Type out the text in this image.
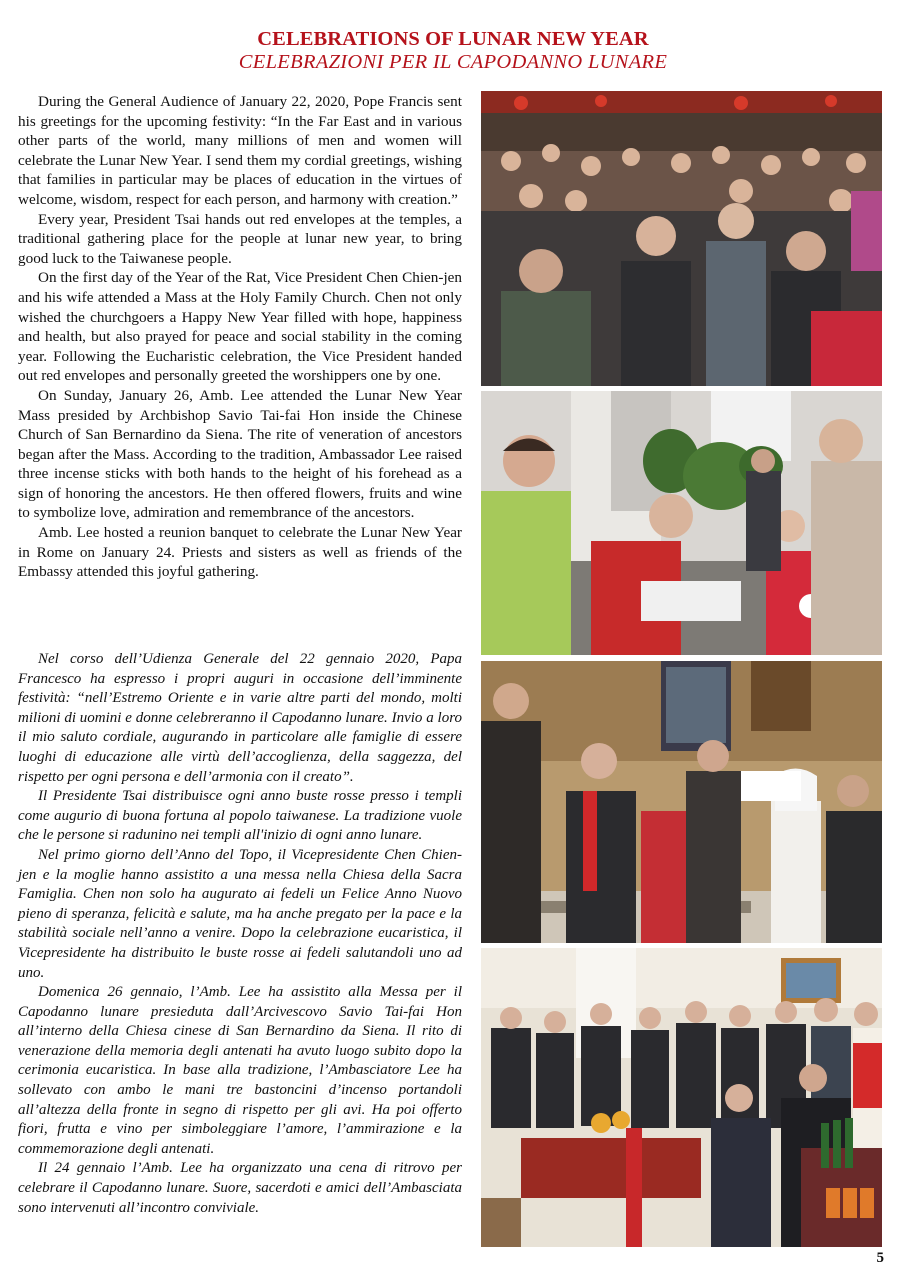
CELEBRATIONS OF LUNAR NEW YEAR
CELEBRAZIONI PER IL CAPODANNO LUNARE

During the General Audience of January 22, 2020, Pope Francis sent his greetings for the upcoming festivity: “In the Far East and in various other parts of the world, many millions of men and women will celebrate the Lunar New Year. I send them my cordial greetings, wishing that families in particular may be places of education in the virtues of welcome, wisdom, respect for each person, and harmony with creation.”

Every year, President Tsai hands out red envelopes at the temples, a traditional gathering place for the people at lunar new year, to bring good luck to the Taiwanese people.

On the first day of the Year of the Rat, Vice President Chen Chien-jen and his wife attended a Mass at the Holy Family Church. Chen not only wished the churchgoers a Happy New Year filled with hope, happiness and health, but also prayed for peace and social stability in the coming year. Following the Eucharistic celebration, the Vice President handed out red envelopes and personally greeted the worshippers one by one.

On Sunday, January 26, Amb. Lee attended the Lunar New Year Mass presided by Archbishop Savio Tai-fai Hon inside the Chinese Church of San Bernardino da Siena. The rite of veneration of ancestors began after the Mass. According to the tradition, Ambassador Lee raised three incense sticks with both hands to the height of his forehead as a sign of honoring the ancestors. He then offered flowers, fruits and wine to symbolize love, admiration and remembrance of the ancestors.

Amb. Lee hosted a reunion banquet to celebrate the Lunar New Year in Rome on January 24. Priests and sisters as well as friends of the Embassy attended this joyful gathering.

Nel corso dell’Udienza Generale del 22 gennaio 2020, Papa Francesco ha espresso i propri auguri in occasione dell’imminente festività: “nell’Estremo Oriente e in varie altre parti del mondo, molti milioni di uomini e donne celebreranno il Capodanno lunare. Invio a loro il mio saluto cordiale, augurando in particolare alle famiglie di essere luoghi di educazione alle virtù dell’accoglienza, della saggezza, del rispetto per ogni persona e dell’armonia con il creato”.

Il Presidente Tsai distribuisce ogni anno buste rosse presso i templi come augurio di buona fortuna al popolo taiwanese. La tradizione vuole che le persone si radunino nei templi all'inizio di ogni anno lunare.

Nel primo giorno dell’Anno del Topo, il Vicepresidente Chen Chien-jen e la moglie hanno assistito a una messa nella Chiesa della Sacra Famiglia. Chen non solo ha augurato ai fedeli un Felice Anno Nuovo pieno di speranza, felicità e salute, ma ha anche pregato per la pace e la stabilità sociale nell’anno a venire. Dopo la celebrazione eucaristica, il Vicepresidente ha distribuito le buste rosse ai fedeli salutandoli uno ad uno.

Domenica 26 gennaio, l’Amb. Lee ha assistito alla Messa per il Capodanno lunare presieduta dall’Arcivescovo Savio Tai-fai Hon all’interno della Chiesa cinese di San Bernardino da Siena. Il rito di venerazione della memoria degli antenati ha avuto luogo subito dopo la cerimonia eucaristica. In base alla tradizione, l’Ambasciatore Lee ha sollevato con ambo le mani tre bastoncini d’incenso portandoli all’altezza della fronte in segno di rispetto per gli avi. Ha poi offerto fiori, frutta e vino per simboleggiare l’amore, l’ammirazione e la commemorazione degli antenati.

Il 24 gennaio l’Amb. Lee ha organizzato una cena di ritrovo per celebrare il Capodanno lunare. Suore, sacerdoti e amici dell’Ambasciata sono intervenuti all’incontro conviviale.

5
